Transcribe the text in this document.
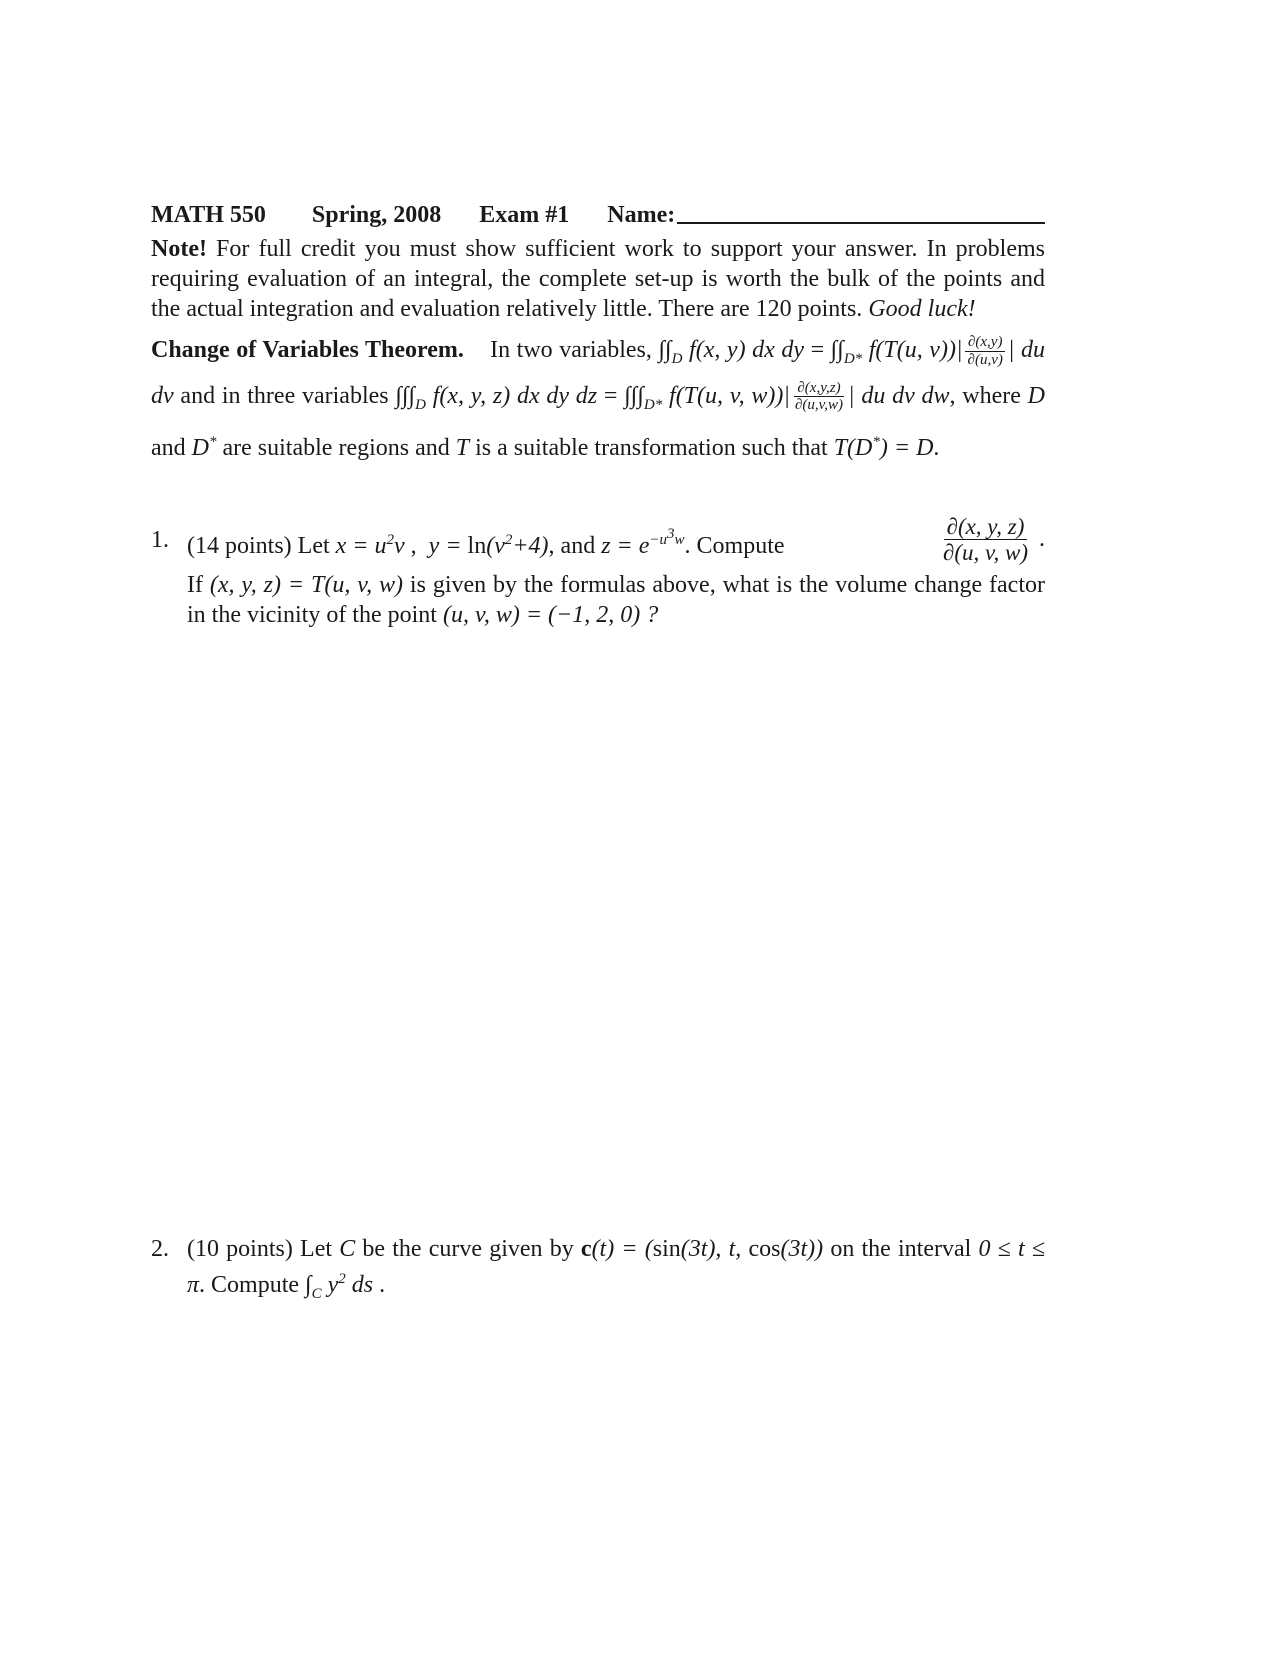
MATH 550 Spring, 2008 Exam #1 Name:
Note! For full credit you must show sufficient work to support your answer. In problems requiring evaluation of an integral, the complete set-up is worth the bulk of the points and the actual integration and evaluation relatively little. There are 120 points. Good luck!
Change of Variables Theorem. In two variables, $\int\int_D$ f(x, y) dx dy = $\int\int_{D*}$ f(T(u, $v))| \frac{\partial(x,y)}{\partial(u,v)}$ | du dv and in three variables $\int\int\int_D$ f(x, y, z) dx dy dz = $\int\int\int_{D*}$ f(T(u, v, $w))| \frac{\partial(x,y,z)}{\partial(u,v,w)}$ | du dv dw, where D and D* are suitable regions and T is a suitable transformation such that T(D*) = D.
1. (14 points) Let $x = u^2v$ ,  $y = \ln(v^2+4)$, and $z = e^{-u^3w}$. Compute	$\frac{\partial(x, y, z)}{\partial(u, v, w)}$ .
If (x, y, z) = T(u, v, w) is given by the formulas above, what is the volume change factor in the vicinity of the point (u, v, w) = (−1, 2, 0) ?
2. (10 points) Let C be the curve given by c(t) = (sin(3t), t, cos(3t)) on the interval 0 ≤ t ≤ π. Compute $\int_C$ $y^2$ ds .
